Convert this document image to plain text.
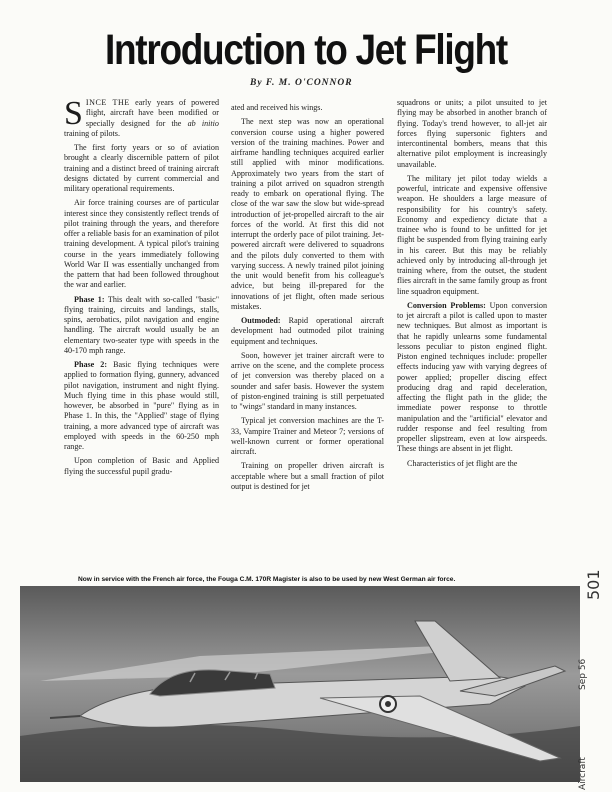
Introduction to Jet Flight
By F. M. O'CONNOR

SINCE THE early years of powered flight, aircraft have been modified or specially designed for the ab initio training of pilots.

The first forty years or so of aviation brought a clearly discernible pattern of pilot training and a distinct breed of training aircraft designs dictated by current commercial and military operational requirements.

Air force training courses are of particular interest since they consistently reflect trends of pilot training through the years, and therefore offer a reliable basis for an examination of pilot training development. A typical pilot's training course in the years immediately following World War II was essentially unchanged from the pattern that had been followed throughout the war and earlier.

Phase 1: This dealt with so-called "basic" flying training, circuits and landings, stalls, spins, aerobatics, pilot navigation and engine handling. The aircraft would usually be an elementary two-seater type with speeds in the 40-170 mph range.

Phase 2: Basic flying techniques were applied to formation flying, gunnery, advanced pilot navigation, instrument and night flying. Much flying time in this phase would still, however, be absorbed in "pure" flying as in Phase 1. In this, the "Applied" stage of flying training, a more advanced type of aircraft was employed with speeds in the 60-250 mph range.

Upon completion of Basic and Applied flying the successful pupil gradu-

ated and received his wings.

The next step was now an operational conversion course using a higher powered version of the training machines. Power and airframe handling techniques acquired earlier still applied with minor modifications. Approximately two years from the start of training a pilot arrived on squadron strength ready to embark on operational flying. The close of the war saw the slow but wide-spread introduction of jet-propelled aircraft to the air forces of the world. At first this did not interrupt the orderly pace of pilot training. Jet-powered aircraft were delivered to squadrons and the pilots duly converted to them with varying success. A newly trained pilot joining the unit would benefit from his colleague's advice, but being ill-prepared for the innovations of jet flight, often made serious mistakes.

Outmoded: Rapid operational aircraft development had outmoded pilot training equipment and techniques.

Soon, however jet trainer aircraft were to arrive on the scene, and the complete process of jet conversion was thereby placed on a sounder and safer basis. However the system of piston-engined training is still perpetuated to "wings" standard in many instances.

Typical jet conversion machines are the T-33, Vampire Trainer and Meteor 7; versions of well-known current or former operational aircraft.

Training on propeller driven aircraft is acceptable where but a small fraction of pilot output is destined for jet

squadrons or units; a pilot unsuited to jet flying may be absorbed in another branch of flying. Today's trend however, to all-jet air forces flying supersonic fighters and intercontinental bombers, means that this alternative pilot employment is increasingly unavailable.

The military jet pilot today wields a powerful, intricate and expensive offensive weapon. He shoulders a large measure of responsibility for his country's safety. Economy and expediency dictate that a trainee who is found to be unfitted for jet flight be suspended from flying training early in his career. But this may be reliably achieved only by introducing all-through jet training where, from the outset, the student flies aircraft in the same family group as front line squadron equipment.

Conversion Problems: Upon conversion to jet aircraft a pilot is called upon to master new techniques. But almost as important is that he rapidly unlearns some fundamental lessons peculiar to piston engined flight. Piston engined techniques include: propeller effects inducing yaw with varying degrees of power applied; propeller discing effect producing drag and rapid deceleration, affecting the flight path in the glide; the immediate power response to throttle manipulation and the "artificial" elevator and rudder response and feel resulting from propeller slipstream, even at low airspeeds. These things are absent in jet flight.

Characteristics of jet flight are the

Now in service with the French air force, the Fouga C.M. 170R Magister is also to be used by new West German air force.	501
Sep 56
Aircraft
